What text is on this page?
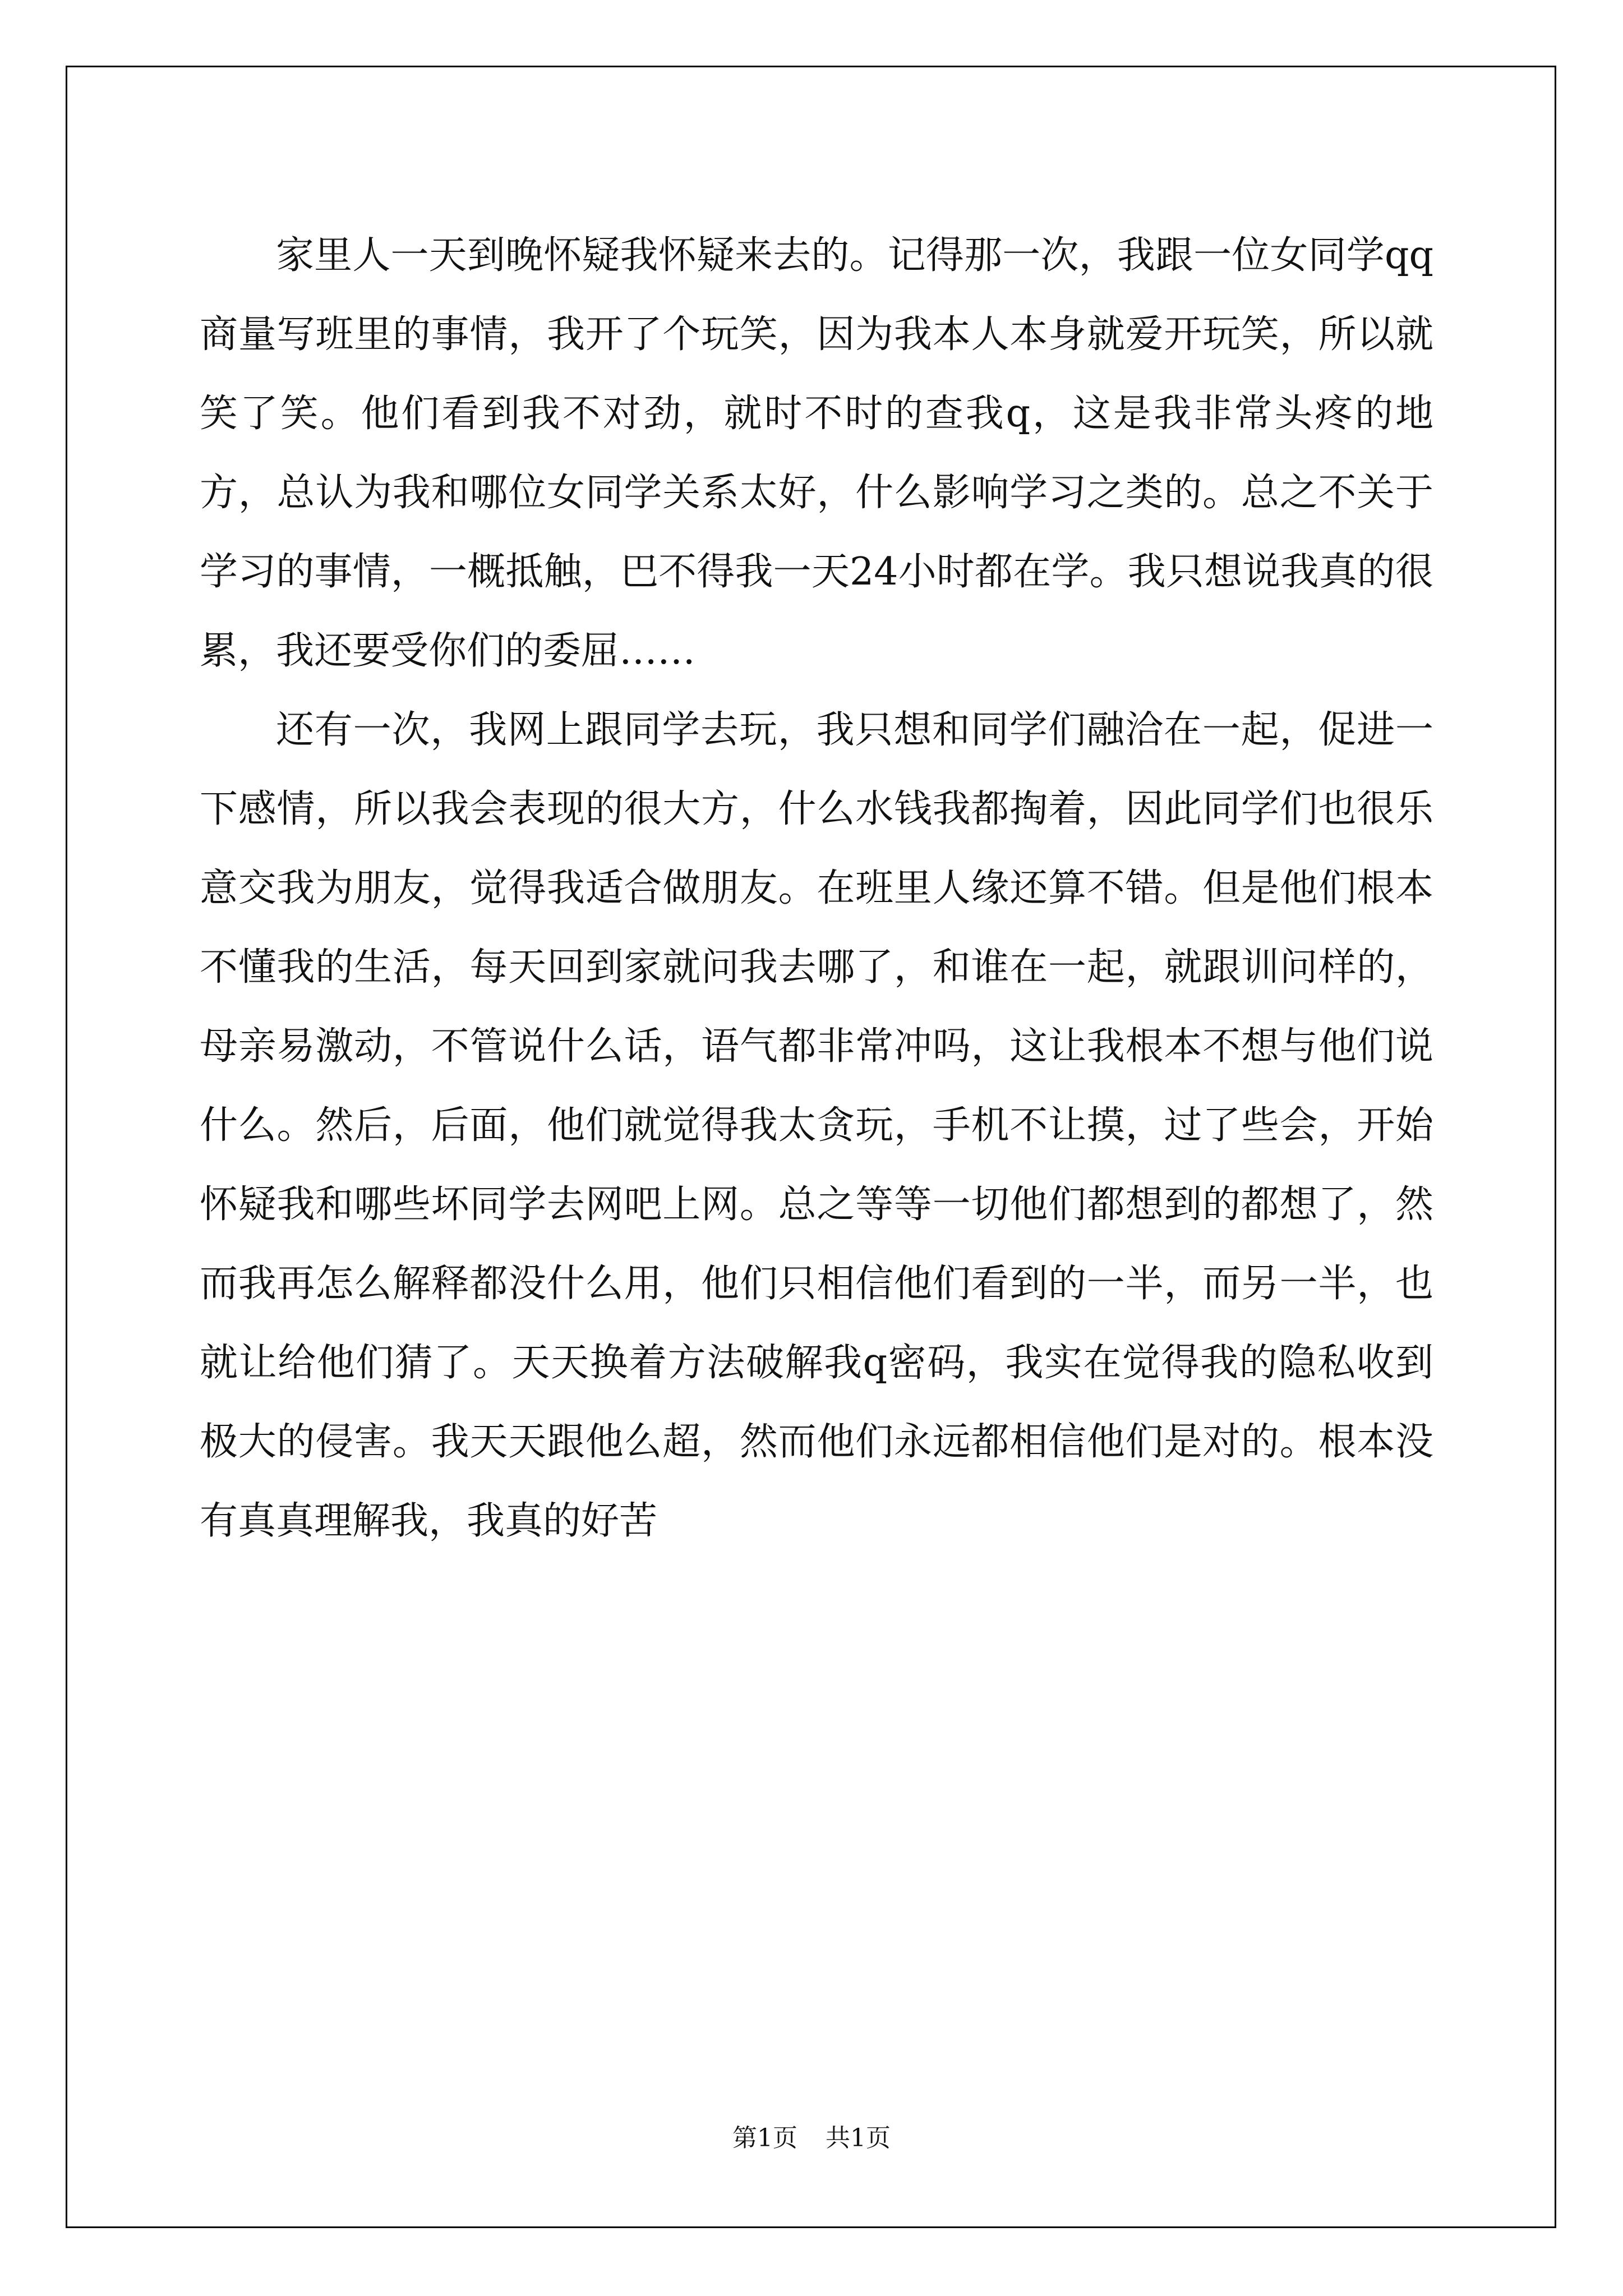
家里人一天到晚怀疑我怀疑来去的。记得那一次，我跟一位女同学qq商量写班里的事情，我开了个玩笑，因为我本人本身就爱开玩笑，所以就笑了笑。他们看到我不对劲，就时不时的查我q，这是我非常头疼的地方，总认为我和哪位女同学关系太好，什么影响学习之类的。总之不关于学习的事情，一概抵触，巴不得我一天24小时都在学。我只想说我真的很累，我还要受你们的委屈……

还有一次，我网上跟同学去玩，我只想和同学们融洽在一起，促进一下感情，所以我会表现的很大方，什么水钱我都掏着，因此同学们也很乐意交我为朋友，觉得我适合做朋友。在班里人缘还算不错。但是他们根本不懂我的生活，每天回到家就问我去哪了，和谁在一起，就跟训问样的，母亲易激动，不管说什么话，语气都非常冲吗，这让我根本不想与他们说什么。然后，后面，他们就觉得我太贪玩，手机不让摸，过了些会，开始怀疑我和哪些坏同学去网吧上网。总之等等一切他们都想到的都想了，然而我再怎么解释都没什么用，他们只相信他们看到的一半，而另一半，也就让给他们猜了。天天换着方法破解我q密码，我实在觉得我的隐私收到极大的侵害。我天天跟他么超，然而他们永远都相信他们是对的。根本没有真真理解我，我真的好苦

第1页 共1页
